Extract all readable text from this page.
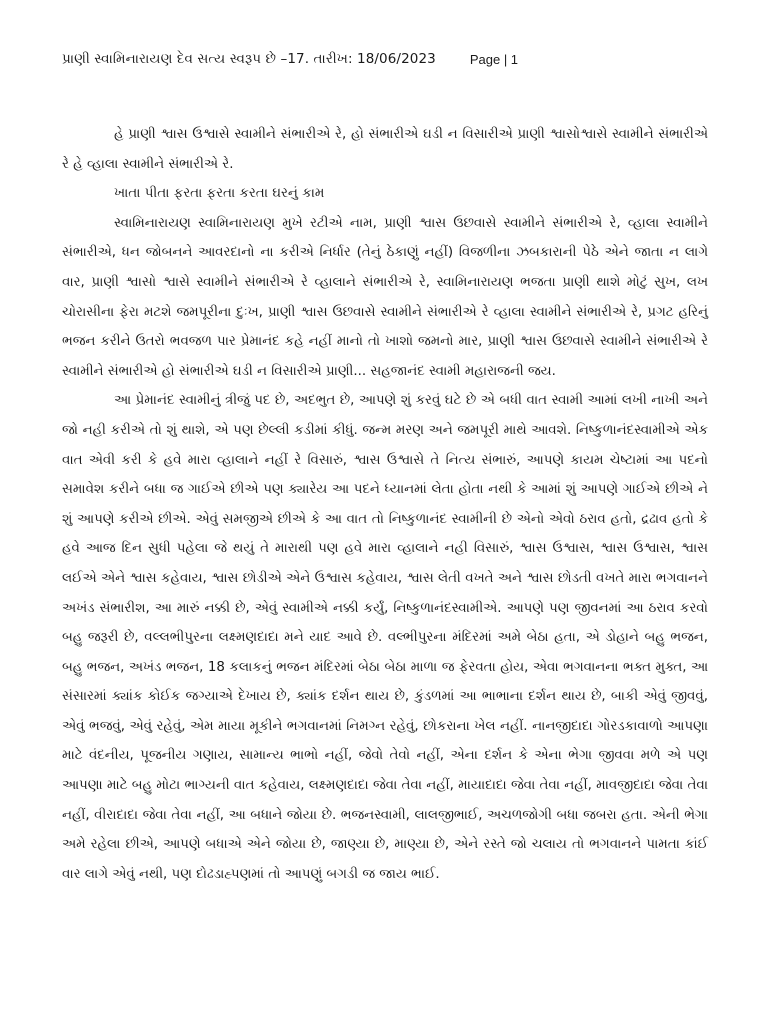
પ્રાણી સ્વામિનારાયણ દેવ સત્ય સ્વરૂપ છે –17. તારીખ: 18/06/2023	Page | 1

હે પ્રાણી શ્વાસ ઉશ્વાસે સ્વામીને સંભારીએ રે, હો સંભારીએ ઘડી ન વિસારીએ પ્રાણી શ્વાસોશ્વાસે સ્વામીને સંભારીએ રે હે વ્હાલા સ્વામીને સંભારીએ રે.

ખાતા પીતા ફરતા ફરતા કરતા ઘરનું કામ

સ્વામિનારાયણ સ્વામિનારાયણ મુખે રટીએ નામ, પ્રાણી શ્વાસ ઉછવાસે સ્વામીને સંભારીએ રે, વ્હાલા સ્વામીને સંભારીએ, ધન જોબનને આવરદાનો ના કરીએ નિર્ધાર (તેનું ઠેકાણું નહીં) વિજળીના ઝબકારાની પેઠે એને જાતા ન લાગે વાર, પ્રાણી શ્વાસો શ્વાસે સ્વામીને સંભારીએ રે વ્હાલાને સંભારીએ રે, સ્વામિનારાયણ ભજતા પ્રાણી થાશે મોટું સુખ, લખ ચોરાસીના ફેરા મટશે જમપૂરીના દુઃખ, પ્રાણી શ્વાસ ઉછવાસે સ્વામીને સંભારીએ રે વ્હાલા સ્વામીને સંભારીએ રે, પ્રગટ હરિનું ભજન કરીને ઉતરો ભવજળ પાર પ્રેમાનંદ કહે નહીં માનો તો ખાશો જમનો માર, પ્રાણી શ્વાસ ઉછવાસે સ્વામીને સંભારીએ રે સ્વામીને સંભારીએ હો સંભારીએ ઘડી ન વિસારીએ પ્રાણી... સહજાનંદ સ્વામી મહારાજની જય.

આ પ્રેમાનંદ સ્વામીનું ત્રીજું પદ છે, અદભુત છે, આપણે શું કરવું ઘટે છે એ બધી વાત સ્વામી આમાં લખી નાખી અને જો નહી કરીએ તો શું થાશે, એ પણ છેલ્લી કડીમાં કીધું. જન્મ મરણ અને જમપૂરી માથે આવશે. નિષ્કુળાનંદસ્વામીએ એક વાત એવી કરી કે હવે મારા વ્હાલાને નહીં રે વિસારું, શ્વાસ ઉશ્વાસે તે નિત્ય સંભારું, આપણે કાયમ ચેષ્ટામાં આ પદનો સમાવેશ કરીને બધા જ ગાઈએ છીએ પણ ક્યારેય આ પદને ધ્યાનમાં લેતા હોતા નથી કે આમાં શું આપણે ગાઈએ છીએ ને શું આપણે કરીએ છીએ. એવું સમજીએ છીએ કે આ વાત તો નિષ્કુળાનંદ સ્વામીની છે એનો એવો ઠરાવ હતો, દ્રઢાવ હતો કે હવે આજ દિન સુધી પહેલા જે થયું તે મારાથી પણ હવે મારા વ્હાલાને નહી વિસારું, શ્વાસ ઉશ્વાસ, શ્વાસ ઉશ્વાસ, શ્વાસ લઈએ એને શ્વાસ કહેવાય, શ્વાસ છોડીએ એને ઉશ્વાસ કહેવાય, શ્વાસ લેતી વખતે અને શ્વાસ છોડતી વખતે મારા ભગવાનને અખંડ સંભારીશ, આ મારું નક્કી છે, એવું સ્વામીએ નક્કી કર્યું, નિષ્કુળાનંદસ્વામીએ. આપણે પણ જીવનમાં આ ઠરાવ કરવો બહુ જરૂરી છે, વલ્લભીપુરના લક્ષ્મણદાદા મને યાદ આવે છે. વલ્ભીપુરના મંદિરમાં અમે બેઠા હતા, એ ડોહાને બહુ ભજન, બહુ ભજન, અખંડ ભજન, 18 કલાકનું ભજન મંદિરમાં બેઠા બેઠા માળા જ ફેરવતા હોય, એવા ભગવાનના ભક્ત મુક્ત, આ સંસારમાં ક્યાંક કોઈક જગ્યાએ દેખાય છે, ક્યાંક દર્શન થાય છે, કુંડળમાં આ ભાભાના દર્શન થાય છે, બાકી એવું જીવવું, એવું ભજવું, એવું રહેવું, એમ માયા મૂકીને ભગવાનમાં નિમગ્ન રહેવું, છોકરાના ખેલ નહીં. નાનજીદાદા ગોરડકાવાળો આપણા માટે વંદનીય, પૂજનીય ગણાય, સામાન્ય ભાભો નહીં, જેવો તેવો નહીં, એના દર્શન કે એના ભેગા જીવવા મળે એ પણ આપણા માટે બહુ મોટા ભાગ્યની વાત કહેવાય, લક્ષ્મણદાદા જેવા તેવા નહીં, માયાદાદા જેવા તેવા નહીં, માવજીદાદા જેવા તેવા નહીં, વીરાદાદા જેવા તેવા નહીં, આ બધાને જોયા છે. ભજનસ્વામી, લાલજીભાઈ, અચળજોગી બધા જબરા હતા. એની ભેગા અમે રહેલા છીએ, આપણે બધાએ એને જોયા છે, જાણ્યા છે, માણ્યા છે, એને રસ્તે જો ચલાય તો ભગવાનને પામતા કાંઈ વાર લાગે એવું નથી, પણ દોઢડાહ્પણમાં તો આપણું બગડી જ જાય ભાઈ.
